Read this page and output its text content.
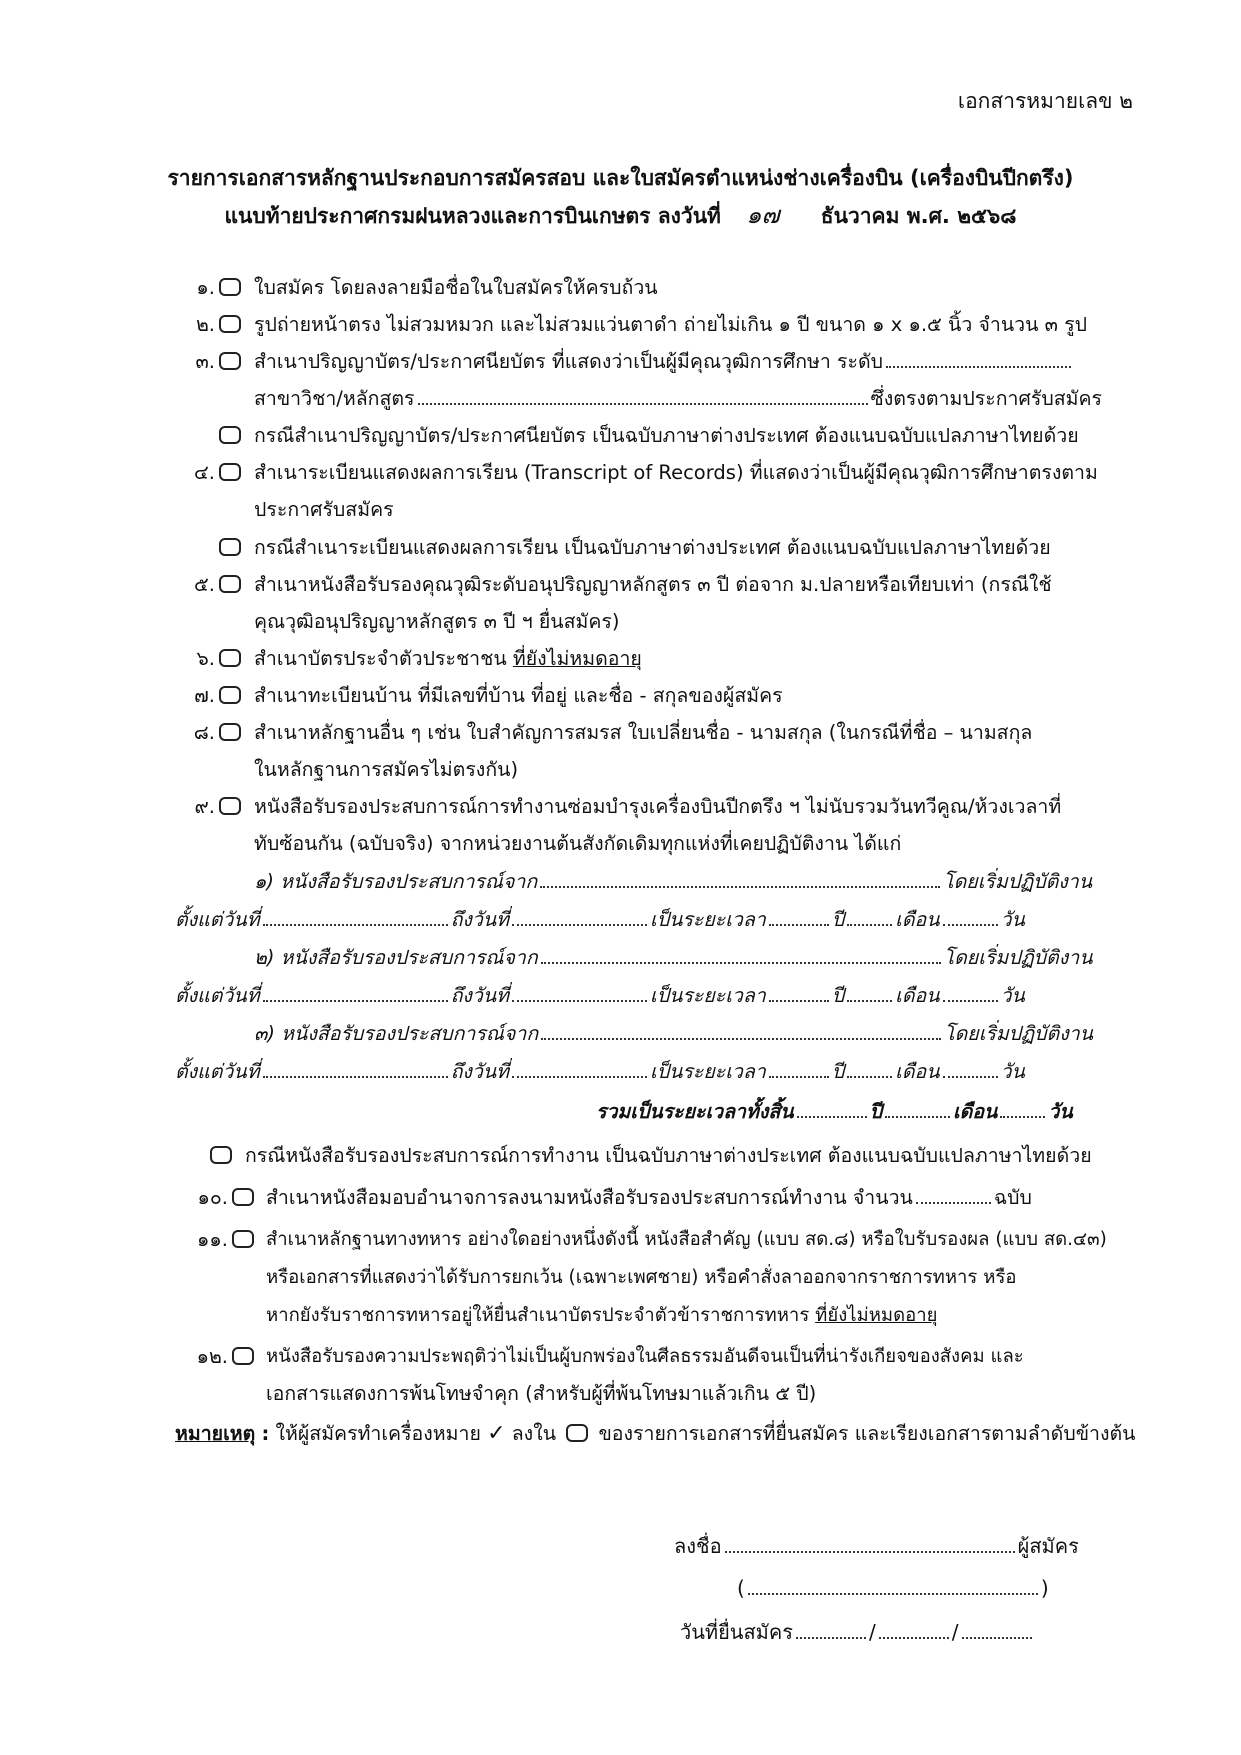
เอกสารหมายเลข ๒
รายการเอกสารหลักฐานประกอบการสมัครสอบ และใบสมัครตำแหน่งช่างเครื่องบิน (เครื่องบินปีกตรึง)
แนบท้ายประกาศกรมฝนหลวงและการบินเกษตร ลงวันที่ ๑๗ ธันวาคม พ.ศ. ๒๕๖๘
๑. ใบสมัคร โดยลงลายมือชื่อในใบสมัครให้ครบถ้วน
๒. รูปถ่ายหน้าตรง ไม่สวมหมวก และไม่สวมแว่นตาดำ ถ่ายไม่เกิน ๑ ปี ขนาด ๑ x ๑.๕ นิ้ว จำนวน ๓ รูป
๓. สำเนาปริญญาบัตร/ประกาศนียบัตร ที่แสดงว่าเป็นผู้มีคุณวุฒิการศึกษา ระดับ
สาขาวิชา/หลักสูตร	ซึ่งตรงตามประกาศรับสมัคร
กรณีสำเนาปริญญาบัตร/ประกาศนียบัตร เป็นฉบับภาษาต่างประเทศ ต้องแนบฉบับแปลภาษาไทยด้วย
๔. สำเนาระเบียนแสดงผลการเรียน (Transcript of Records) ที่แสดงว่าเป็นผู้มีคุณวุฒิการศึกษาตรงตาม
ประกาศรับสมัคร
กรณีสำเนาระเบียนแสดงผลการเรียน เป็นฉบับภาษาต่างประเทศ ต้องแนบฉบับแปลภาษาไทยด้วย
๕. สำเนาหนังสือรับรองคุณวุฒิระดับอนุปริญญาหลักสูตร ๓ ปี ต่อจาก ม.ปลายหรือเทียบเท่า (กรณีใช้
คุณวุฒิอนุปริญญาหลักสูตร ๓ ปี ฯ ยื่นสมัคร)
๖. สำเนาบัตรประจำตัวประชาชน ที่ยังไม่หมดอายุ
๗. สำเนาทะเบียนบ้าน ที่มีเลขที่บ้าน ที่อยู่ และชื่อ - สกุลของผู้สมัคร
๘. สำเนาหลักฐานอื่น ๆ เช่น ใบสำคัญการสมรส ใบเปลี่ยนชื่อ - นามสกุล (ในกรณีที่ชื่อ – นามสกุล
ในหลักฐานการสมัครไม่ตรงกัน)
๙. หนังสือรับรองประสบการณ์การทำงานซ่อมบำรุงเครื่องบินปีกตรึง ฯ ไม่นับรวมวันทวีคูณ/ห้วงเวลาที่
ทับซ้อนกัน (ฉบับจริง) จากหน่วยงานต้นสังกัดเดิมทุกแห่งที่เคยปฏิบัติงาน ได้แก่
๑) หนังสือรับรองประสบการณ์จาก	โดยเริ่มปฏิบัติงาน
ตั้งแต่วันที่	ถึงวันที่	เป็นระยะเวลา	ปี	เดือน	วัน
๒) หนังสือรับรองประสบการณ์จาก	โดยเริ่มปฏิบัติงาน
ตั้งแต่วันที่	ถึงวันที่	เป็นระยะเวลา	ปี	เดือน	วัน
๓) หนังสือรับรองประสบการณ์จาก	โดยเริ่มปฏิบัติงาน
ตั้งแต่วันที่	ถึงวันที่	เป็นระยะเวลา	ปี	เดือน	วัน
รวมเป็นระยะเวลาทั้งสิ้น	ปี	เดือน	วัน
กรณีหนังสือรับรองประสบการณ์การทำงาน เป็นฉบับภาษาต่างประเทศ ต้องแนบฉบับแปลภาษาไทยด้วย
๑๐. สำเนาหนังสือมอบอำนาจการลงนามหนังสือรับรองประสบการณ์ทำงาน จำนวน	ฉบับ
๑๑. สำเนาหลักฐานทางทหาร อย่างใดอย่างหนึ่งดังนี้ หนังสือสำคัญ (แบบ สด.๘) หรือใบรับรองผล (แบบ สด.๔๓)
หรือเอกสารที่แสดงว่าได้รับการยกเว้น (เฉพาะเพศชาย) หรือคำสั่งลาออกจากราชการทหาร หรือ
หากยังรับราชการทหารอยู่ให้ยื่นสำเนาบัตรประจำตัวข้าราชการทหาร ที่ยังไม่หมดอายุ
๑๒. หนังสือรับรองความประพฤติว่าไม่เป็นผู้บกพร่องในศีลธรรมอันดีจนเป็นที่น่ารังเกียจของสังคม และ
เอกสารแสดงการพ้นโทษจำคุก (สำหรับผู้ที่พ้นโทษมาแล้วเกิน ๕ ปี)
หมายเหตุ : ให้ผู้สมัครทำเครื่องหมาย ✓ ลงใน ของรายการเอกสารที่ยื่นสมัคร และเรียงเอกสารตามลำดับข้างต้น
ลงชื่อ	ผู้สมัคร
(	)
วันที่ยื่นสมัคร	/	/
